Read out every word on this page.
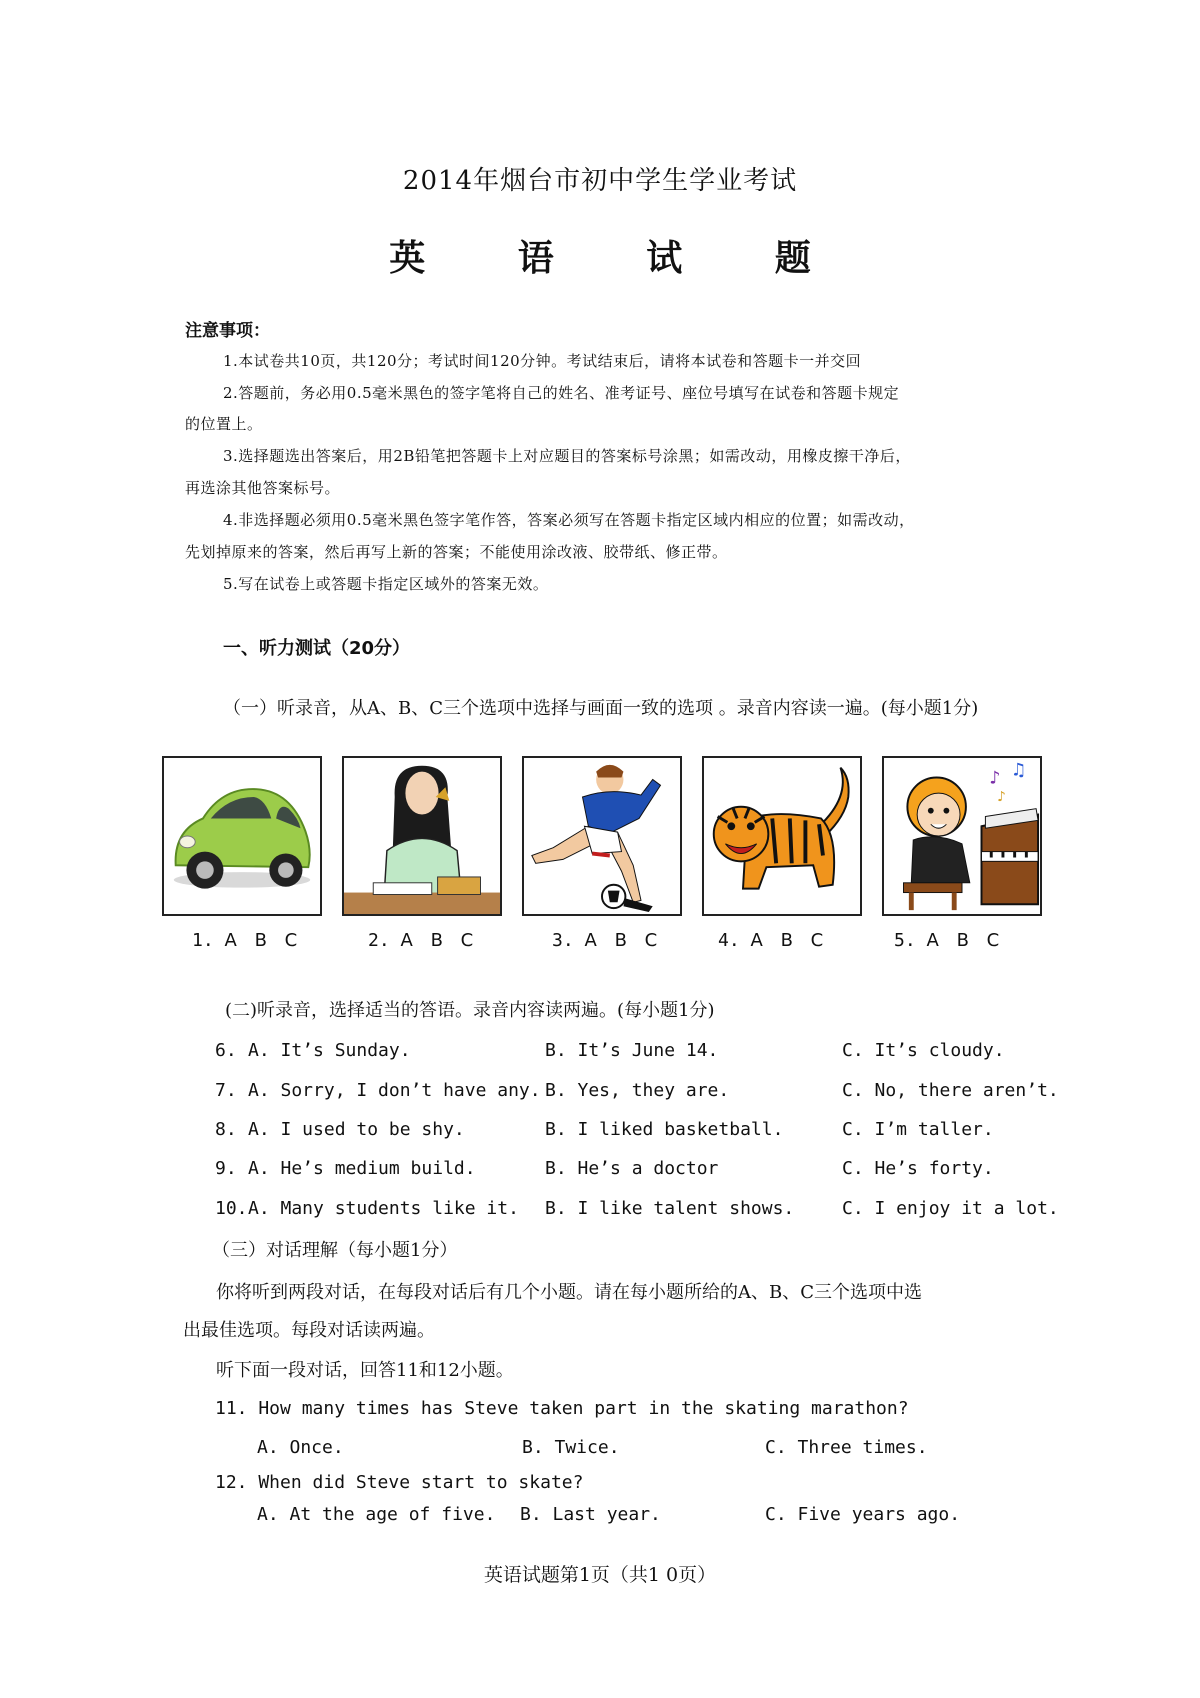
2014年烟台市初中学生学业考试
英 语 试 题
注意事项：
1.本试卷共10页，共120分；考试时间120分钟。考试结束后，请将本试卷和答题卡一并交回
2.答题前，务必用0.5毫米黑色的签字笔将自己的姓名、准考证号、座位号填写在试卷和答题卡规定
的位置上。
3.选择题选出答案后，用2B铅笔把答题卡上对应题目的答案标号涂黑；如需改动，用橡皮擦干净后，
再选涂其他答案标号。
4.非选择题必须用0.5毫米黑色签字笔作答，答案必须写在答题卡指定区域内相应的位置；如需改动，
先划掉原来的答案，然后再写上新的答案；不能使用涂改液、胶带纸、修正带。
5.写在试卷上或答题卡指定区域外的答案无效。
一、听力测试（20分）
（一）听录音，从A、B、C三个选项中选择与画面一致的选项 。录音内容读一遍。(每小题1分)
♪ ♫
♪
1. A B C	2. A B C	3. A B C	4. A B C	5. A B C
(二)听录音，选择适当的答语。录音内容读两遍。(每小题1分)
6. A. It’s Sunday.	B. It’s June 14.	C. It’s cloudy.
7. A. Sorry, I don’t have any. B. Yes, they are.	C. No, there aren’t.
8. A. I used to be shy.	B. I liked basketball.	C. I’m taller.
9. A. He’s medium build.	B. He’s a doctor	C. He’s forty.
10. A. Many students like it. B. I like talent shows.	C. I enjoy it a lot.
（三）对话理解（每小题1分）
你将听到两段对话，在每段对话后有几个小题。请在每小题所给的A、B、C三个选项中选
出最佳选项。每段对话读两遍。
听下面一段对话，回答11和12小题。
11. How many times has Steve taken part in the skating marathon?
A. Once.	B. Twice.	C. Three times.
12. When did Steve start to skate?
A. At the age of five. B. Last year.	C. Five years ago.
英语试题第1页（共1 0页）
